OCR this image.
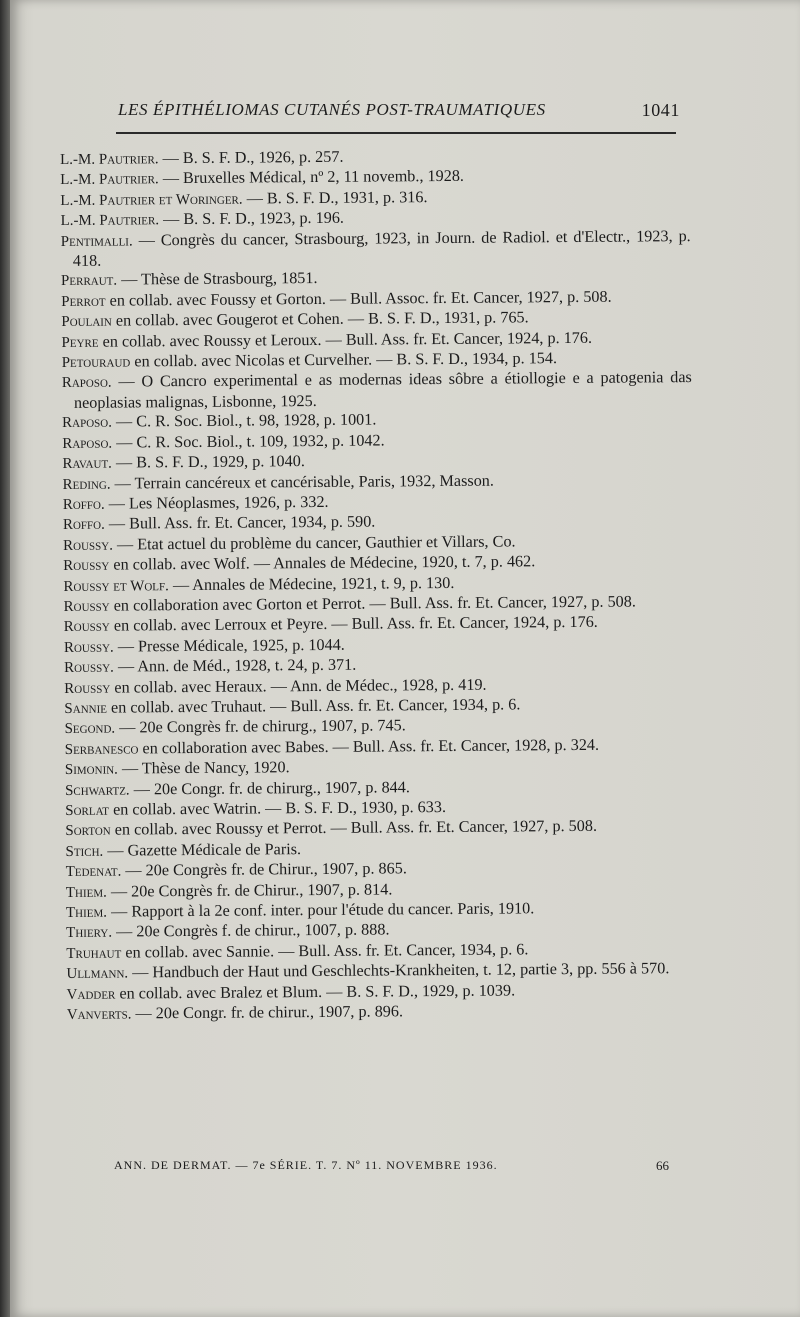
LES ÉPITHÉLIOMAS CUTANÉS POST-TRAUMATIQUES	1041
L.-M. Pautrier. — B. S. F. D., 1926, p. 257.
L.-M. Pautrier. — Bruxelles Médical, nº 2, 11 novemb., 1928.
L.-M. Pautrier et Woringer. — B. S. F. D., 1931, p. 316.
L.-M. Pautrier. — B. S. F. D., 1923, p. 196.
Pentimalli. — Congrès du cancer, Strasbourg, 1923, in Journ. de Radiol. et d'Electr., 1923, p. 418.
Perraut. — Thèse de Strasbourg, 1851.
Perrot en collab. avec Foussy et Gorton. — Bull. Assoc. fr. Et. Cancer, 1927, p. 508.
Poulain en collab. avec Gougerot et Cohen. — B. S. F. D., 1931, p. 765.
Peyre en collab. avec Roussy et Leroux. — Bull. Ass. fr. Et. Cancer, 1924, p. 176.
Petouraud en collab. avec Nicolas et Curvelher. — B. S. F. D., 1934, p. 154.
Raposo. — O Cancro experimental e as modernas ideas sôbre a étiollogie e a patogenia das neoplasias malignas, Lisbonne, 1925.
Raposo. — C. R. Soc. Biol., t. 98, 1928, p. 1001.
Raposo. — C. R. Soc. Biol., t. 109, 1932, p. 1042.
Ravaut. — B. S. F. D., 1929, p. 1040.
Reding. — Terrain cancéreux et cancérisable, Paris, 1932, Masson.
Roffo. — Les Néoplasmes, 1926, p. 332.
Roffo. — Bull. Ass. fr. Et. Cancer, 1934, p. 590.
Roussy. — Etat actuel du problème du cancer, Gauthier et Villars, Co.
Roussy en collab. avec Wolf. — Annales de Médecine, 1920, t. 7, p. 462.
Roussy et Wolf. — Annales de Médecine, 1921, t. 9, p. 130.
Roussy en collaboration avec Gorton et Perrot. — Bull. Ass. fr. Et. Cancer, 1927, p. 508.
Roussy en collab. avec Lerroux et Peyre. — Bull. Ass. fr. Et. Cancer, 1924, p. 176.
Roussy. — Presse Médicale, 1925, p. 1044.
Roussy. — Ann. de Méd., 1928, t. 24, p. 371.
Roussy en collab. avec Heraux. — Ann. de Médec., 1928, p. 419.
Sannie en collab. avec Truhaut. — Bull. Ass. fr. Et. Cancer, 1934, p. 6.
Segond. — 20e Congrès fr. de chirurg., 1907, p. 745.
Serbanesco en collaboration avec Babes. — Bull. Ass. fr. Et. Cancer, 1928, p. 324.
Simonin. — Thèse de Nancy, 1920.
Schwartz. — 20e Congr. fr. de chirurg., 1907, p. 844.
Sorlat en collab. avec Watrin. — B. S. F. D., 1930, p. 633.
Sorton en collab. avec Roussy et Perrot. — Bull. Ass. fr. Et. Cancer, 1927, p. 508.
Stich. — Gazette Médicale de Paris.
Tedenat. — 20e Congrès fr. de Chirur., 1907, p. 865.
Thiem. — 20e Congrès fr. de Chirur., 1907, p. 814.
Thiem. — Rapport à la 2e conf. inter. pour l'étude du cancer. Paris, 1910.
Thiery. — 20e Congrès f. de chirur., 1007, p. 888.
Truhaut en collab. avec Sannie. — Bull. Ass. fr. Et. Cancer, 1934, p. 6.
Ullmann. — Handbuch der Haut und Geschlechts-Krankheiten, t. 12, partie 3, pp. 556 à 570.
Vadder en collab. avec Bralez et Blum. — B. S. F. D., 1929, p. 1039.
Vanverts. — 20e Congr. fr. de chirur., 1907, p. 896.
ANN. DE DERMAT. — 7e SÉRIE. T. 7. Nº 11. NOVEMBRE 1936.	66
